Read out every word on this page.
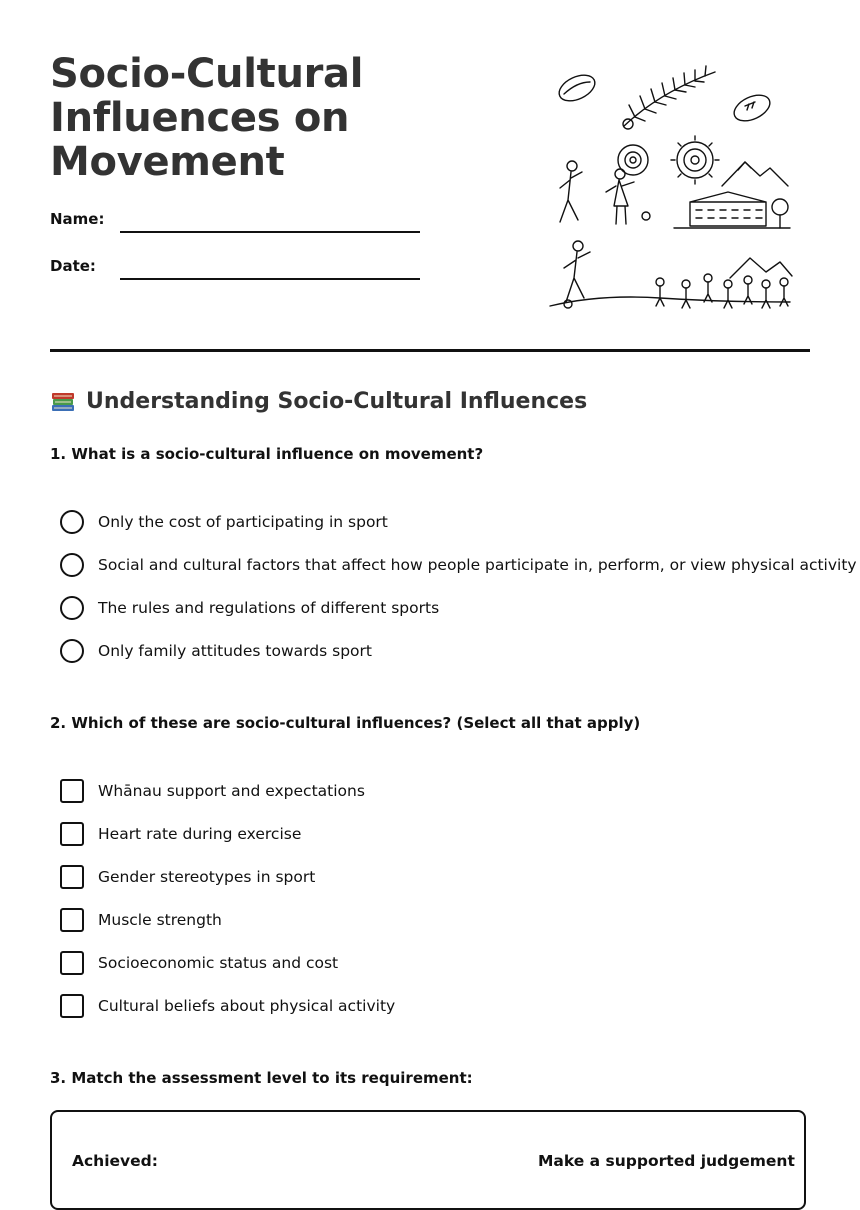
Socio-Cultural Influences on Movement
Name:
Date:
Understanding Socio-Cultural Influences
1. What is a socio-cultural influence on movement?
Only the cost of participating in sport
Social and cultural factors that affect how people participate in, perform, or view physical activity
The rules and regulations of different sports
Only family attitudes towards sport
2. Which of these are socio-cultural influences? (Select all that apply)
Whānau support and expectations
Heart rate during exercise
Gender stereotypes in sport
Muscle strength
Socioeconomic status and cost
Cultural beliefs about physical activity
3. Match the assessment level to its requirement:
Achieved:	Make a supported judgement
